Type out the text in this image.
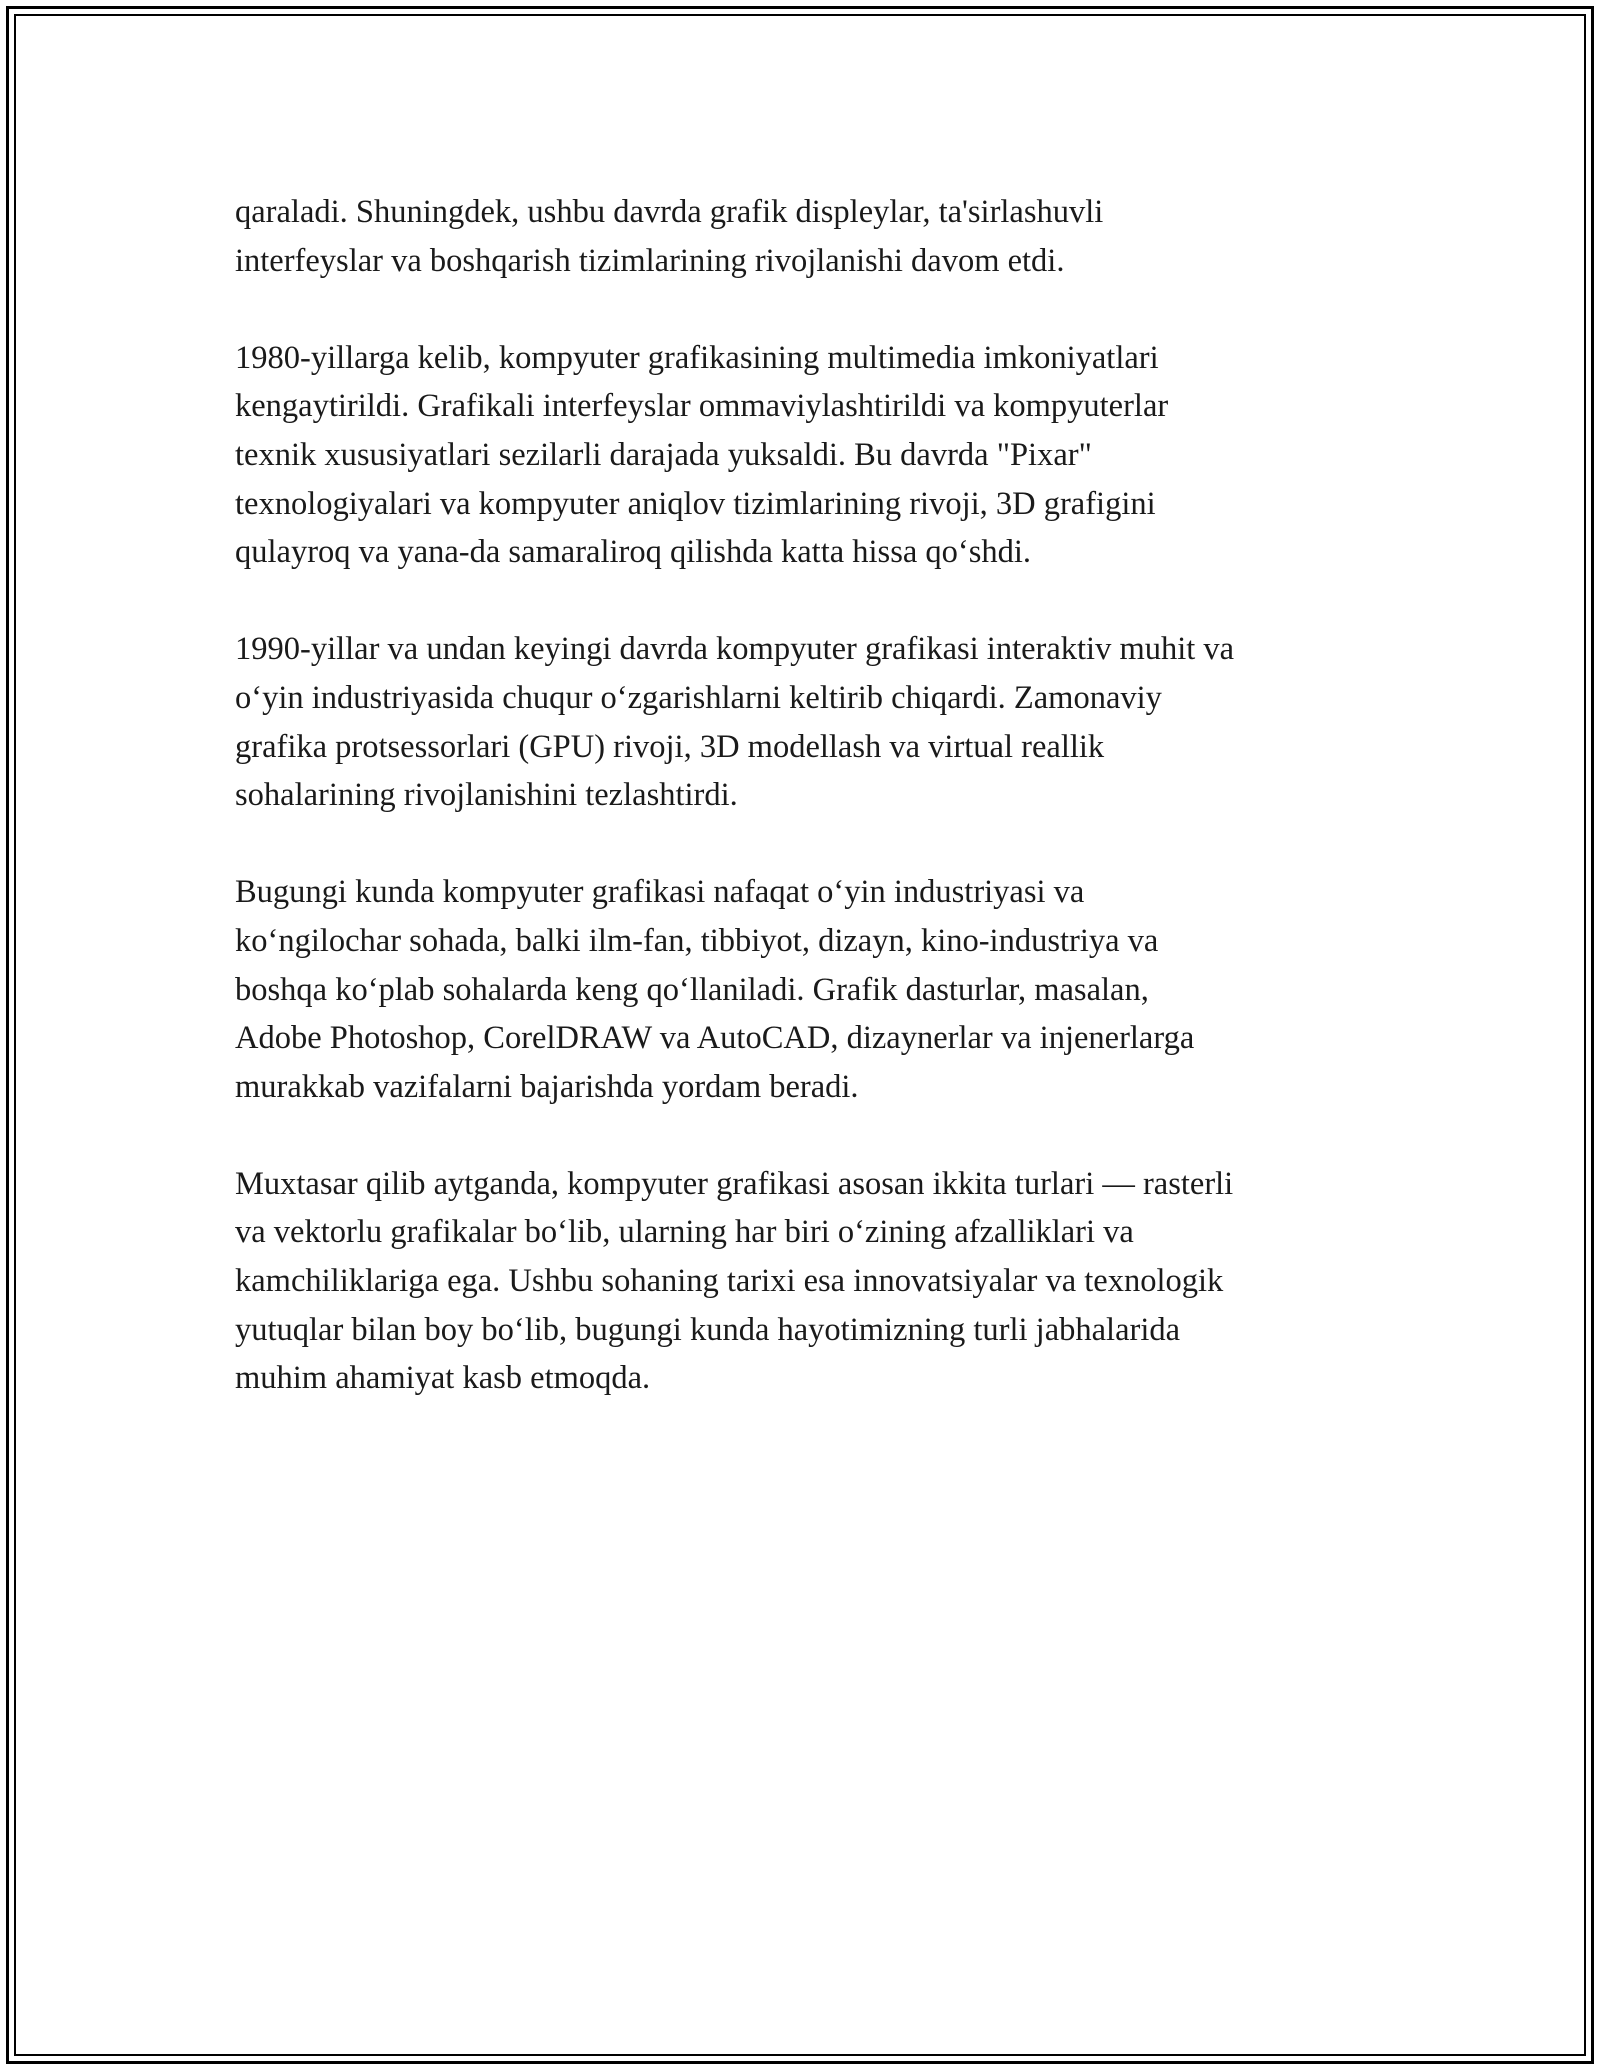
qaraladi. Shuningdek, ushbu davrda grafik displeylar, ta'sirlashuvli
interfeyslar va boshqarish tizimlarining rivojlanishi davom etdi.

1980-yillarga kelib, kompyuter grafikasining multimedia imkoniyatlari
kengaytirildi. Grafikali interfeyslar ommaviylashtirildi va kompyuterlar
texnik xususiyatlari sezilarli darajada yuksaldi. Bu davrda "Pixar"
texnologiyalari va kompyuter aniqlov tizimlarining rivoji, 3D grafigini
qulayroq va yana-da samaraliroq qilishda katta hissa qo‘shdi.

1990-yillar va undan keyingi davrda kompyuter grafikasi interaktiv muhit va
o‘yin industriyasida chuqur o‘zgarishlarni keltirib chiqardi. Zamonaviy
grafika protsessorlari (GPU) rivoji, 3D modellash va virtual reallik
sohalarining rivojlanishini tezlashtirdi.

Bugungi kunda kompyuter grafikasi nafaqat o‘yin industriyasi va
ko‘ngilochar sohada, balki ilm-fan, tibbiyot, dizayn, kino-industriya va
boshqa ko‘plab sohalarda keng qo‘llaniladi. Grafik dasturlar, masalan,
Adobe Photoshop, CorelDRAW va AutoCAD, dizaynerlar va injenerlarga
murakkab vazifalarni bajarishda yordam beradi.

Muxtasar qilib aytganda, kompyuter grafikasi asosan ikkita turlari — rasterli
va vektorlu grafikalar bo‘lib, ularning har biri o‘zining afzalliklari va
kamchiliklariga ega. Ushbu sohaning tarixi esa innovatsiyalar va texnologik
yutuqlar bilan boy bo‘lib, bugungi kunda hayotimizning turli jabhalarida
muhim ahamiyat kasb etmoqda.
